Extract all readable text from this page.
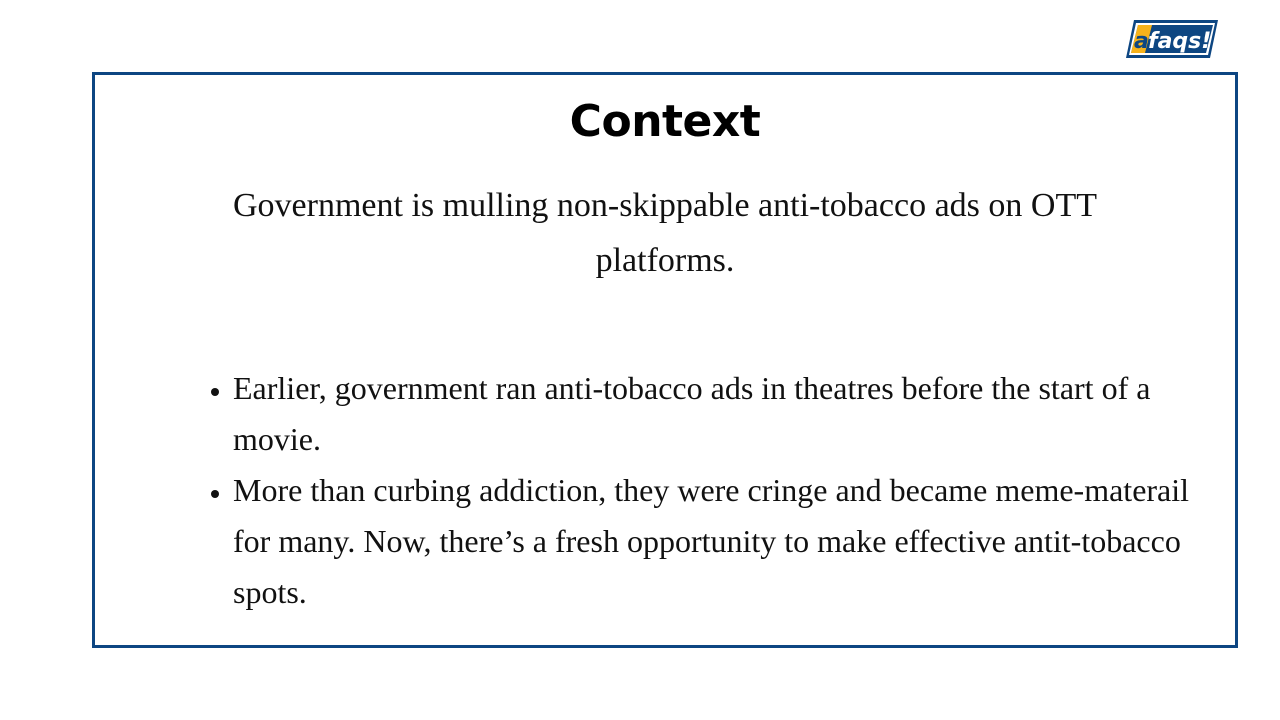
a faqs!
Context
Government is mulling non-skippable anti-tobacco ads on OTT platforms.
• Earlier, government ran anti-tobacco ads in theatres before the start of a movie.
• More than curbing addiction, they were cringe and became meme-materail for many. Now, there’s a fresh opportunity to make effective antit-tobacco spots.
